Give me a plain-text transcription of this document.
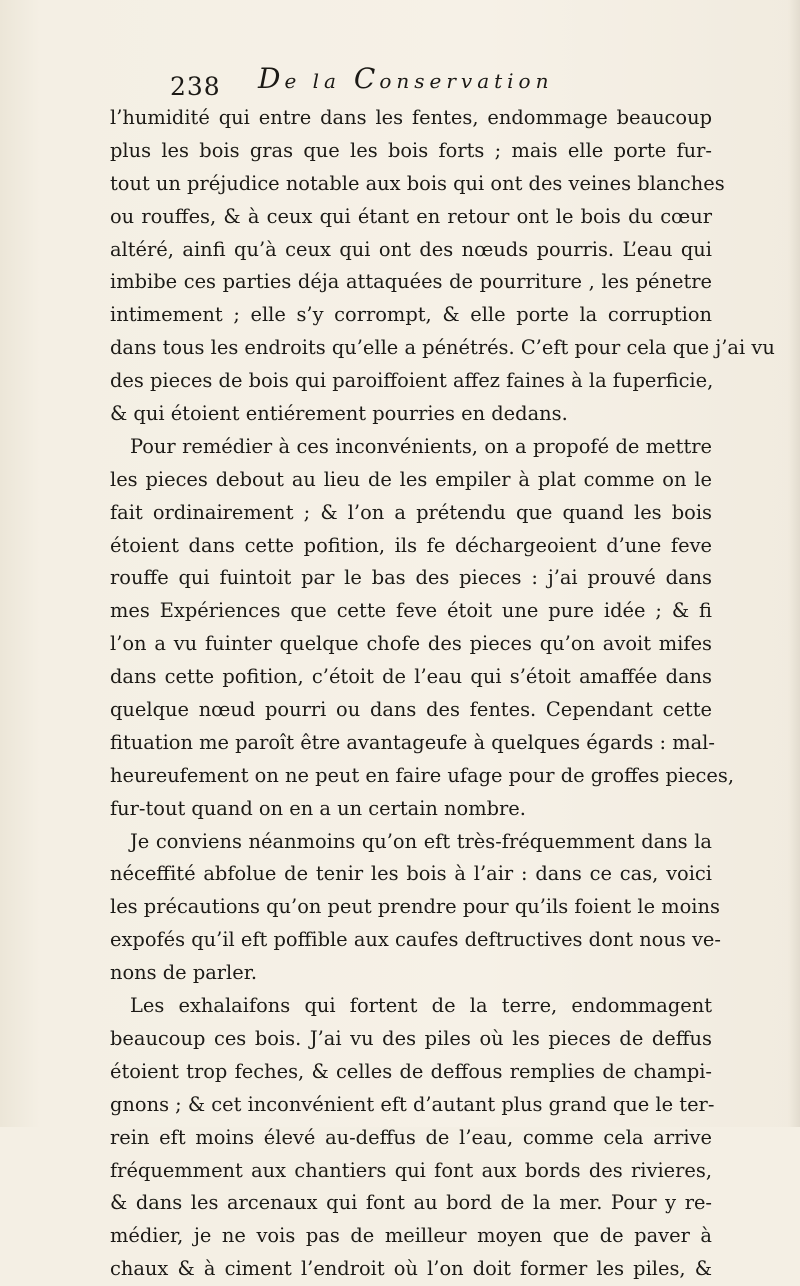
238 De la Conservation
l’humidité qui entre dans les fentes, endommage beaucoup
plus les bois gras que les bois forts ; mais elle porte fur-
tout un préjudice notable aux bois qui ont des veines blanches
ou rouffes, & à ceux qui étant en retour ont le bois du cœur
altéré, ainfi qu’à ceux qui ont des nœuds pourris. L’eau qui
imbibe ces parties déja attaquées de pourriture , les pénetre
intimement ; elle s’y corrompt, & elle porte la corruption
dans tous les endroits qu’elle a pénétrés. C’eft pour cela que j’ai vu
des pieces de bois qui paroiffoient affez faines à la fuperficie,
& qui étoient entiérement pourries en dedans.
Pour remédier à ces inconvénients, on a propofé de mettre
les pieces debout au lieu de les empiler à plat comme on le
fait ordinairement ; & l’on a prétendu que quand les bois
étoient dans cette pofition, ils fe déchargeoient d’une feve
rouffe qui fuintoit par le bas des pieces : j’ai prouvé dans
mes Expériences que cette feve étoit une pure idée ; & fi
l’on a vu fuinter quelque chofe des pieces qu’on avoit mifes
dans cette pofition, c’étoit de l’eau qui s’étoit amaffée dans
quelque nœud pourri ou dans des fentes. Cependant cette
fituation me paroît être avantageufe à quelques égards : mal-
heureufement on ne peut en faire ufage pour de groffes pieces,
fur-tout quand on en a un certain nombre.
Je conviens néanmoins qu’on eft très-fréquemment dans la
néceffité abfolue de tenir les bois à l’air : dans ce cas, voici
les précautions qu’on peut prendre pour qu’ils foient le moins
expofés qu’il eft poffible aux caufes deftructives dont nous ve-
nons de parler.
Les exhalaifons qui fortent de la terre, endommagent
beaucoup ces bois. J’ai vu des piles où les pieces de deffus
étoient trop feches, & celles de deffous remplies de champi-
gnons ; & cet inconvénient eft d’autant plus grand que le ter-
rein eft moins élevé au-deffus de l’eau, comme cela arrive
fréquemment aux chantiers qui font aux bords des rivieres,
& dans les arcenaux qui font au bord de la mer. Pour y re-
médier, je ne vois pas de meilleur moyen que de paver à
chaux & à ciment l’endroit où l’on doit former les piles, &
